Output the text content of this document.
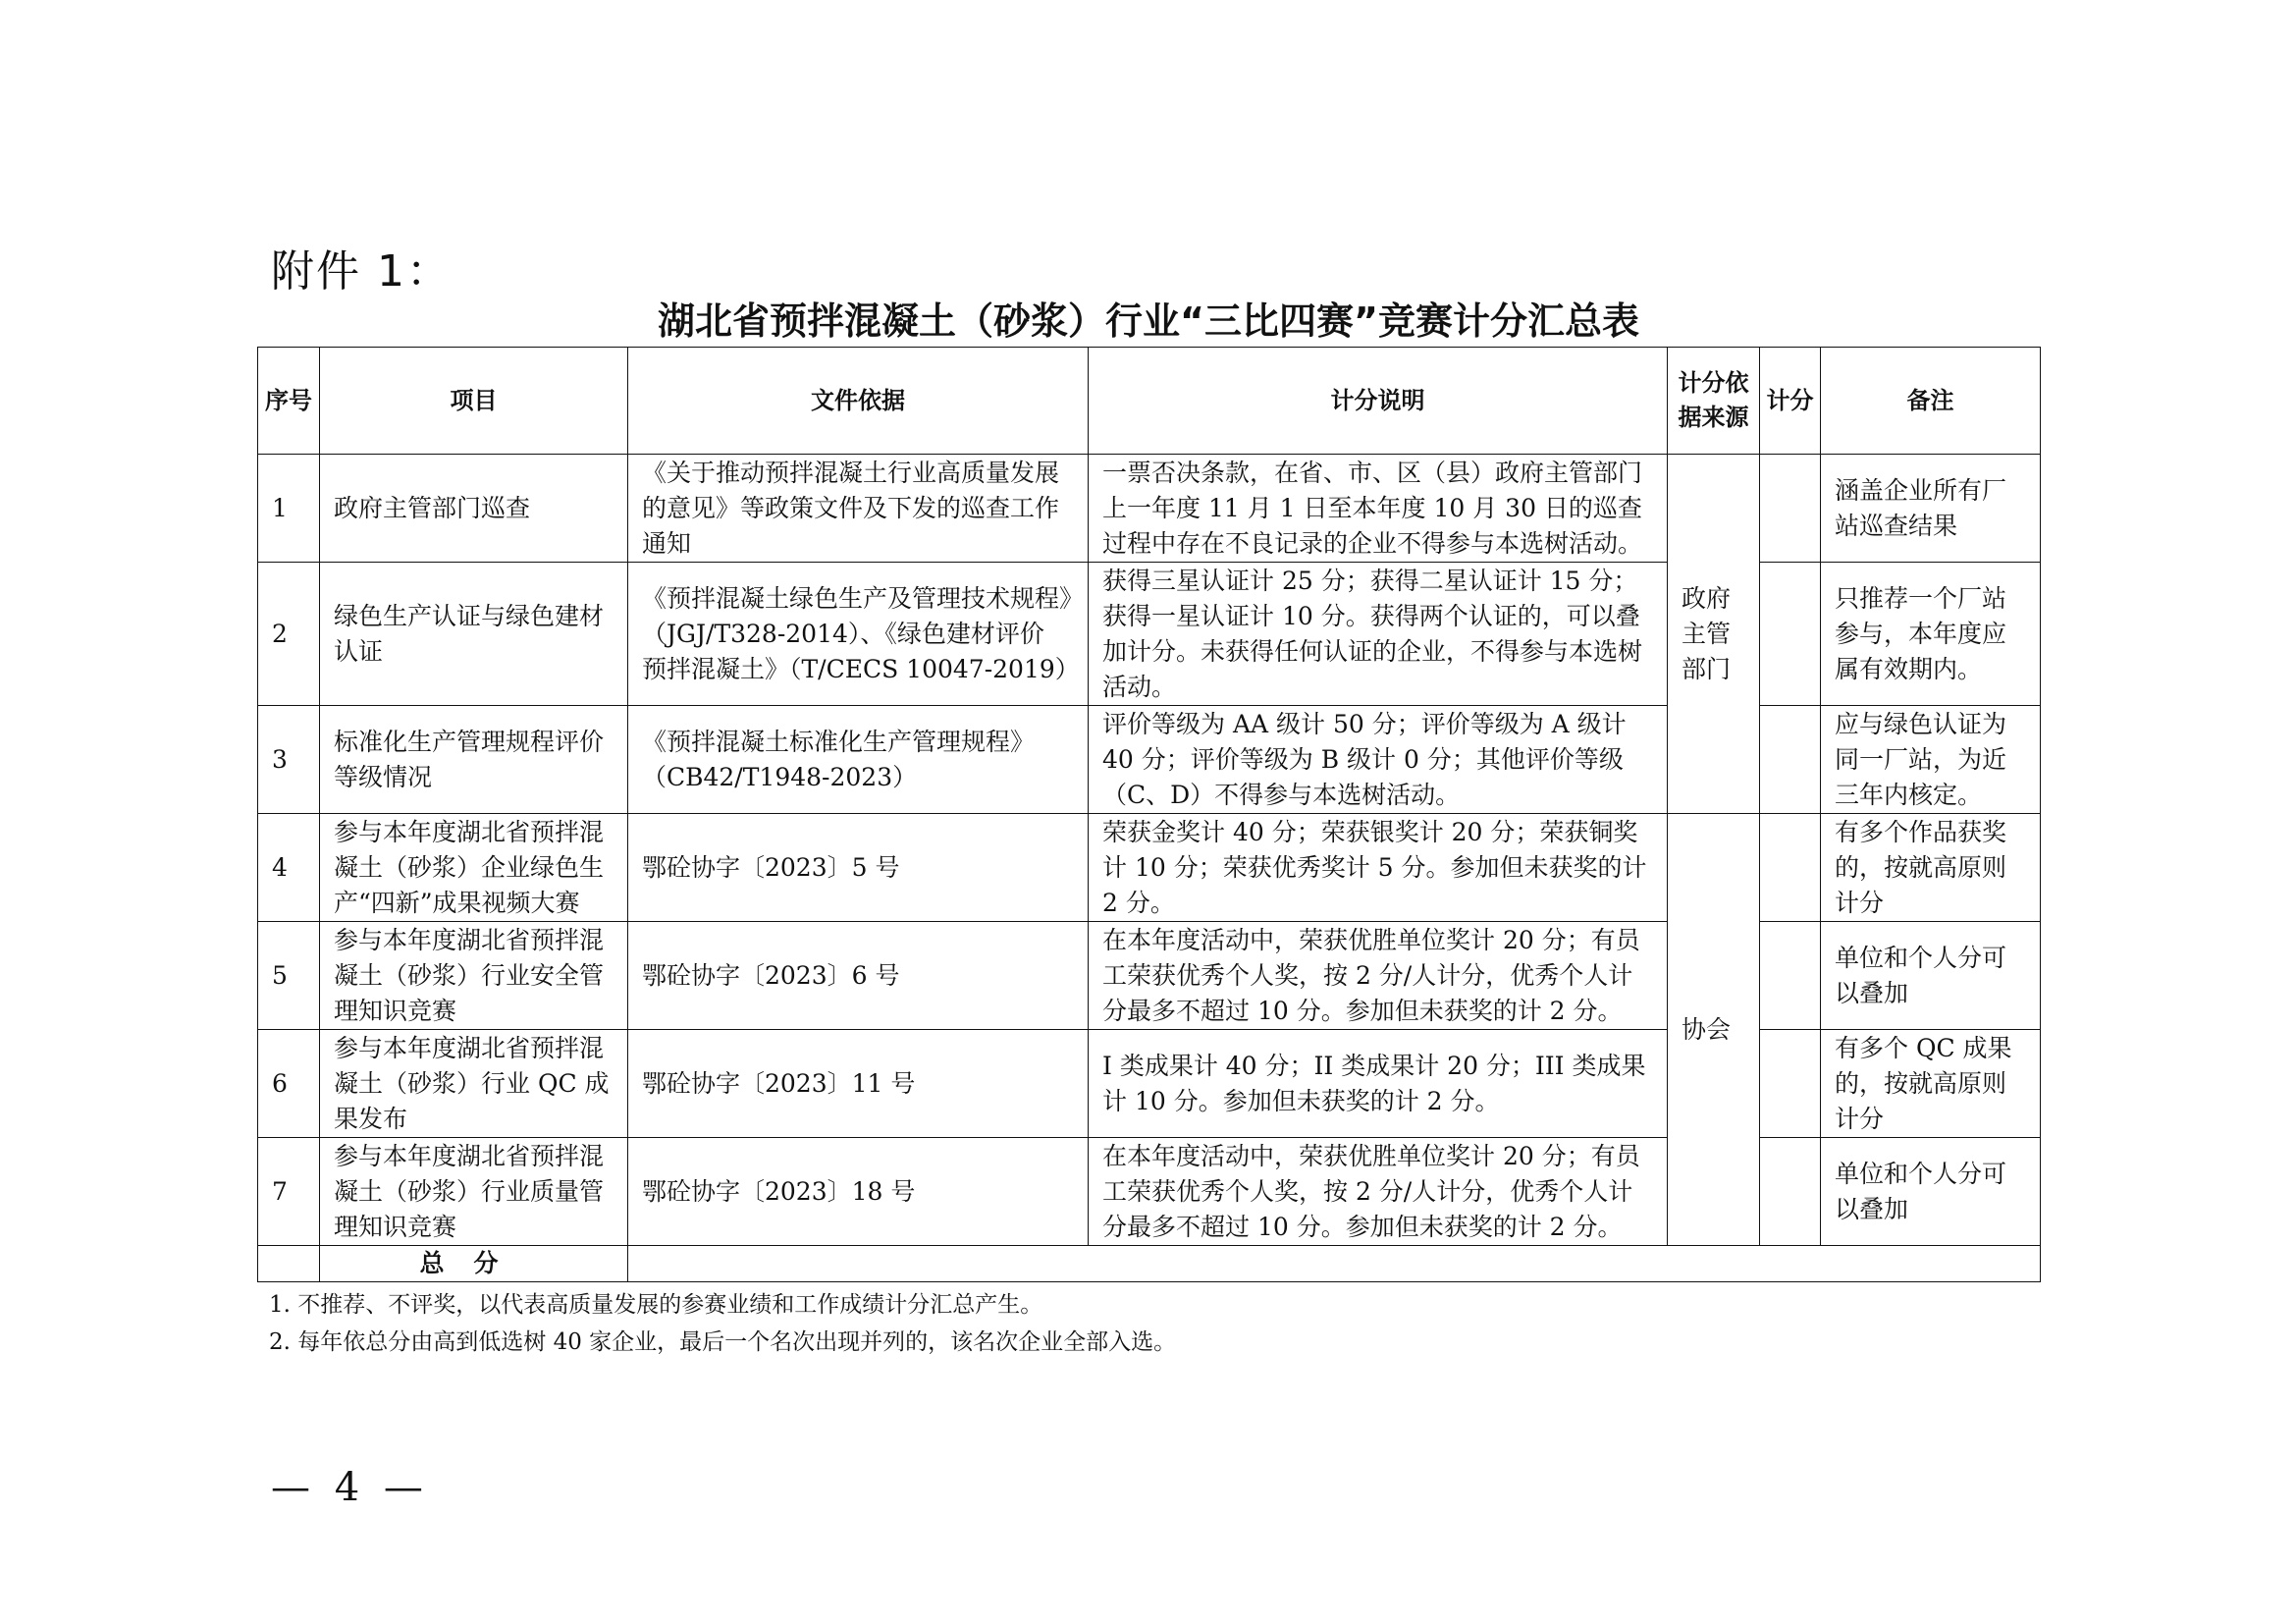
附件 1：
湖北省预拌混凝土（砂浆）行业“三比四赛”竞赛计分汇总表
序号	项目	文件依据	计分说明	计分依据来源	计分	备注
1	政府主管部门巡查	《关于推动预拌混凝土行业高质量发展的意见》等政策文件及下发的巡查工作通知	一票否决条款，在省、市、区（县）政府主管部门上一年度 11 月 1 日至本年度 10 月 30 日的巡查过程中存在不良记录的企业不得参与本选树活动。	政府主管部门		涵盖企业所有厂站巡查结果
2	绿色生产认证与绿色建材认证	《预拌混凝土绿色生产及管理技术规程》（JGJ/T328-2014）、《绿色建材评价 预拌混凝土》（T/CECS 10047-2019）	获得三星认证计 25 分；获得二星认证计 15 分；获得一星认证计 10 分。获得两个认证的，可以叠加计分。未获得任何认证的企业，不得参与本选树活动。			只推荐一个厂站参与，本年度应属有效期内。
3	标准化生产管理规程评价等级情况	《预拌混凝土标准化生产管理规程》（CB42/T1948-2023）	评价等级为 AA 级计 50 分；评价等级为 A 级计 40 分；评价等级为 B 级计 0 分；其他评价等级（C、D）不得参与本选树活动。			应与绿色认证为同一厂站，为近三年内核定。
4	参与本年度湖北省预拌混凝土（砂浆）企业绿色生产“四新”成果视频大赛	鄂砼协字〔2023〕5 号	荣获金奖计 40 分；荣获银奖计 20 分；荣获铜奖计 10 分；荣获优秀奖计 5 分。参加但未获奖的计 2 分。	协会		有多个作品获奖的，按就高原则计分
5	参与本年度湖北省预拌混凝土（砂浆）行业安全管理知识竞赛	鄂砼协字〔2023〕6 号	在本年度活动中，荣获优胜单位奖计 20 分；有员工荣获优秀个人奖，按 2 分/人计分，优秀个人计分最多不超过 10 分。参加但未获奖的计 2 分。			单位和个人分可以叠加
6	参与本年度湖北省预拌混凝土（砂浆）行业 QC 成果发布	鄂砼协字〔2023〕11 号	I 类成果计 40 分；II 类成果计 20 分；III 类成果计 10 分。参加但未获奖的计 2 分。			有多个 QC 成果的，按就高原则计分
7	参与本年度湖北省预拌混凝土（砂浆）行业质量管理知识竞赛	鄂砼协字〔2023〕18 号	在本年度活动中，荣获优胜单位奖计 20 分；有员工荣获优秀个人奖，按 2 分/人计分，优秀个人计分最多不超过 10 分。参加但未获奖的计 2 分。			单位和个人分可以叠加
	总分					
1. 不推荐、不评奖，以代表高质量发展的参赛业绩和工作成绩计分汇总产生。
2. 每年依总分由高到低选树 40 家企业，最后一个名次出现并列的，该名次企业全部入选。
— 4 —
